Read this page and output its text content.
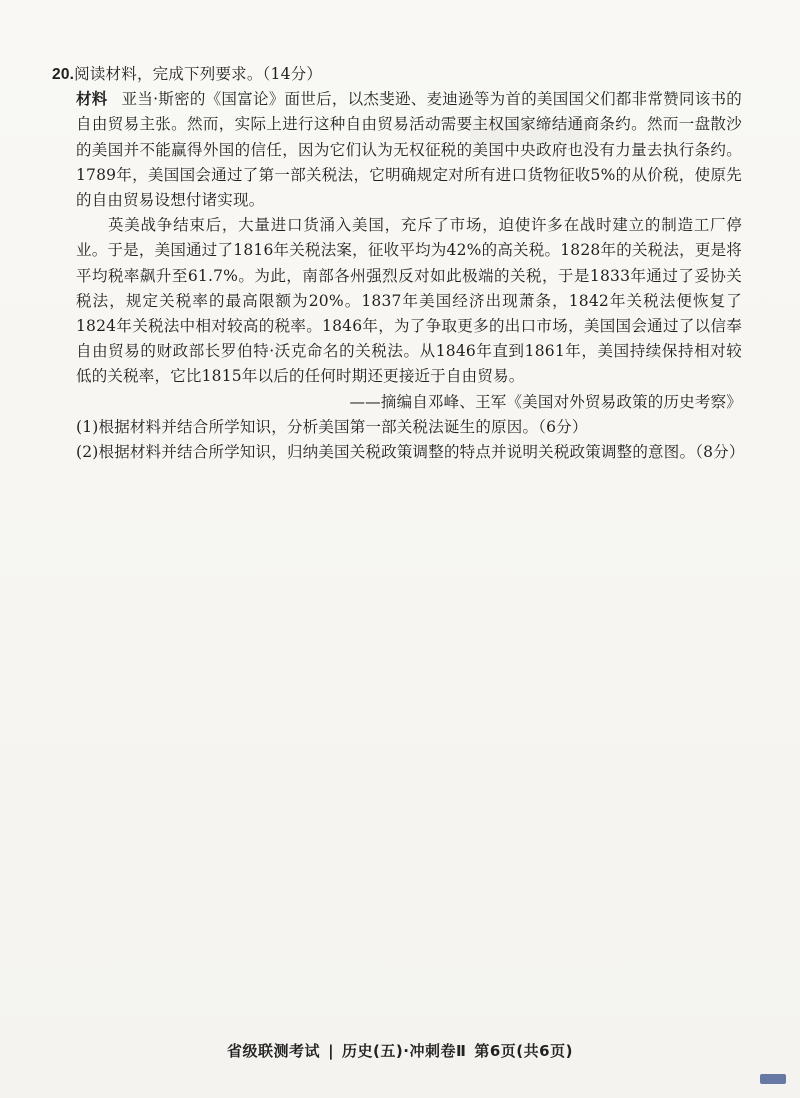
20.阅读材料，完成下列要求。（14分）

材料 亚当·斯密的《国富论》面世后，以杰斐逊、麦迪逊等为首的美国国父们都非常赞同该书的自由贸易主张。然而，实际上进行这种自由贸易活动需要主权国家缔结通商条约。然而一盘散沙的美国并不能赢得外国的信任，因为它们认为无权征税的美国中央政府也没有力量去执行条约。1789年，美国国会通过了第一部关税法，它明确规定对所有进口货物征收5%的从价税，使原先的自由贸易设想付诸实现。

英美战争结束后，大量进口货涌入美国，充斥了市场，迫使许多在战时建立的制造工厂停业。于是，美国通过了1816年关税法案，征收平均为42%的高关税。1828年的关税法，更是将平均税率飙升至61.7%。为此，南部各州强烈反对如此极端的关税，于是1833年通过了妥协关税法，规定关税率的最高限额为20%。1837年美国经济出现萧条，1842年关税法便恢复了1824年关税法中相对较高的税率。1846年，为了争取更多的出口市场，美国国会通过了以信奉自由贸易的财政部长罗伯特·沃克命名的关税法。从1846年直到1861年，美国持续保持相对较低的关税率，它比1815年以后的任何时期还更接近于自由贸易。

——摘编自邓峰、王军《美国对外贸易政策的历史考察》

(1)根据材料并结合所学知识，分析美国第一部关税法诞生的原因。（6分）

(2)根据材料并结合所学知识，归纳美国关税政策调整的特点并说明关税政策调整的意图。（8分）

省级联测考试 | 历史(五)·冲刺卷Ⅱ 第6页(共6页)
